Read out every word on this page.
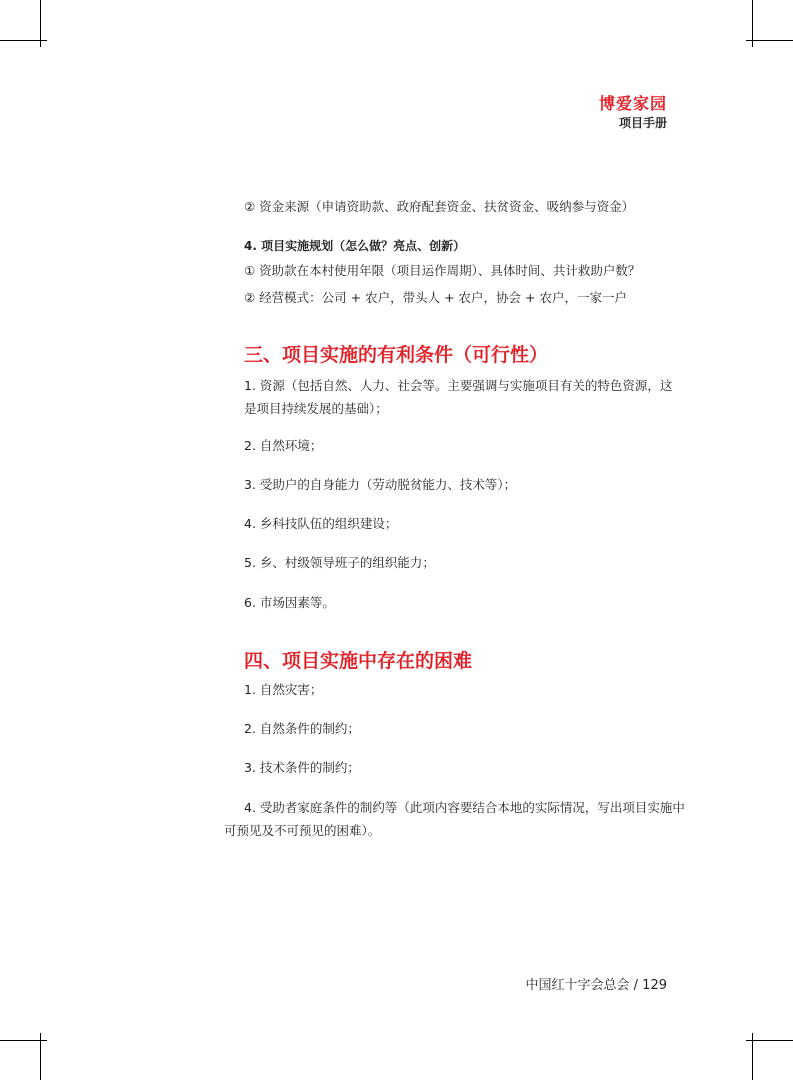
博爱家园
项目手册
② 资金来源（申请资助款、政府配套资金、扶贫资金、吸纳参与资金）
4. 项目实施规划（怎么做？亮点、创新）
① 资助款在本村使用年限（项目运作周期）、具体时间、共计救助户数？
② 经营模式：公司 + 农户，带头人 + 农户，协会 + 农户，一家一户
三、项目实施的有利条件（可行性）
1. 资源（包括自然、人力、社会等。主要强调与实施项目有关的特色资源，这
是项目持续发展的基础）；
2. 自然环境；
3. 受助户的自身能力（劳动脱贫能力、技术等）；
4. 乡科技队伍的组织建设；
5. 乡、村级领导班子的组织能力；
6. 市场因素等。
四、项目实施中存在的困难
1. 自然灾害；
2. 自然条件的制约；
3. 技术条件的制约；
4. 受助者家庭条件的制约等（此项内容要结合本地的实际情况，写出项目实施中
可预见及不可预见的困难）。
中国红十字会总会 / 129
